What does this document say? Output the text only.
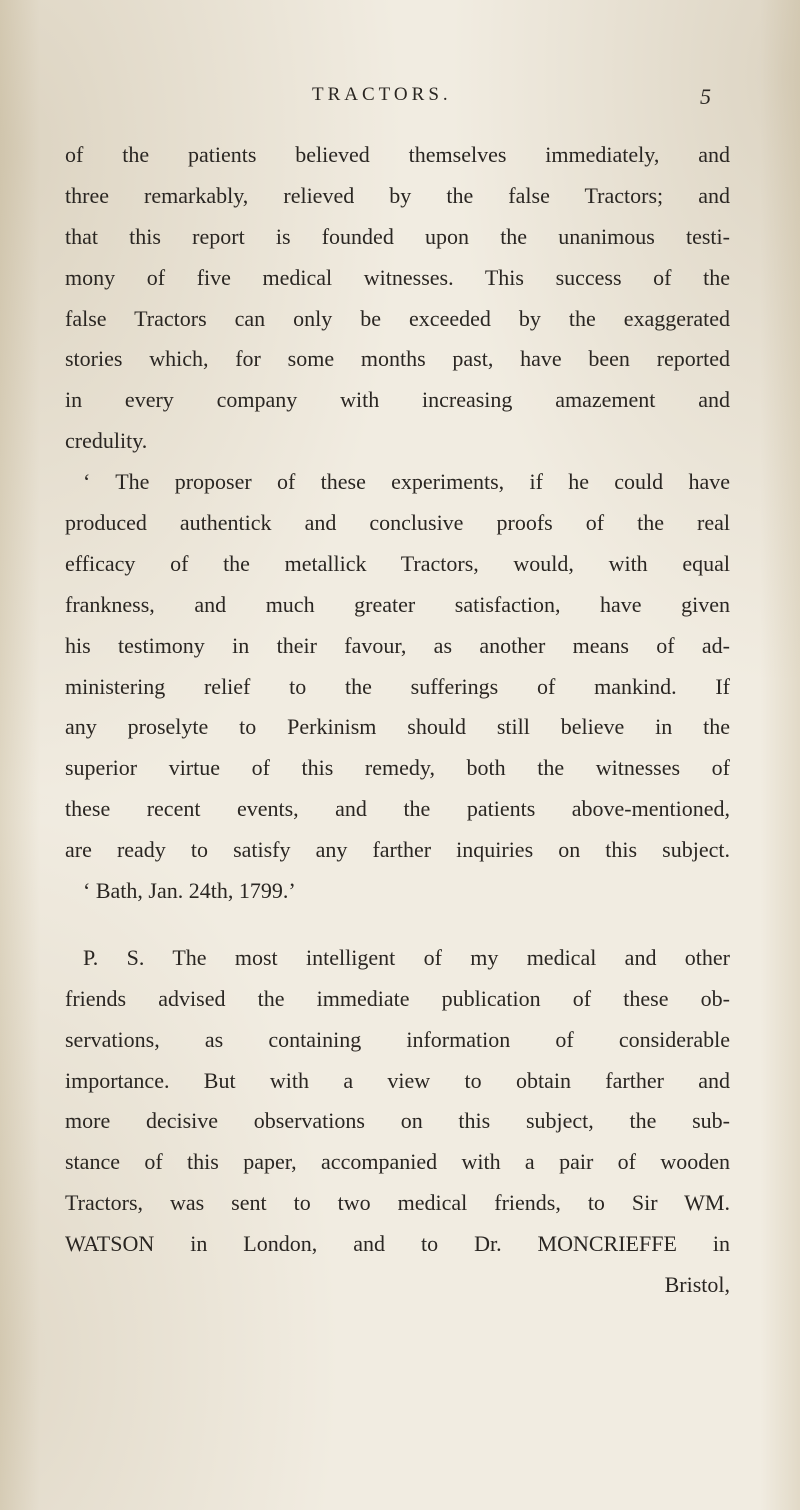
TRACTORS.	5
of the patients believed themselves immediately, and
three remarkably, relieved by the false Tractors; and
that this report is founded upon the unanimous testi-
mony of five medical witnesses. This success of the
false Tractors can only be exceeded by the exaggerated
stories which, for some months past, have been reported
in every company with increasing amazement and
credulity.
‘ The proposer of these experiments, if he could have
produced authentick and conclusive proofs of the real
efficacy of the metallick Tractors, would, with equal
frankness, and much greater satisfaction, have given
his testimony in their favour, as another means of ad-
ministering relief to the sufferings of mankind. If
any proselyte to Perkinism should still believe in the
superior virtue of this remedy, both the witnesses of
these recent events, and the patients above-mentioned,
are ready to satisfy any farther inquiries on this subject.
‘ Bath, Jan. 24th, 1799.’
P. S. The most intelligent of my medical and other
friends advised the immediate publication of these ob-
servations, as containing information of considerable
importance. But with a view to obtain farther and
more decisive observations on this subject, the sub-
stance of this paper, accompanied with a pair of wooden
Tractors, was sent to two medical friends, to Sir WM.
WATSON in London, and to Dr. MONCRIEFFE in
Bristol,
